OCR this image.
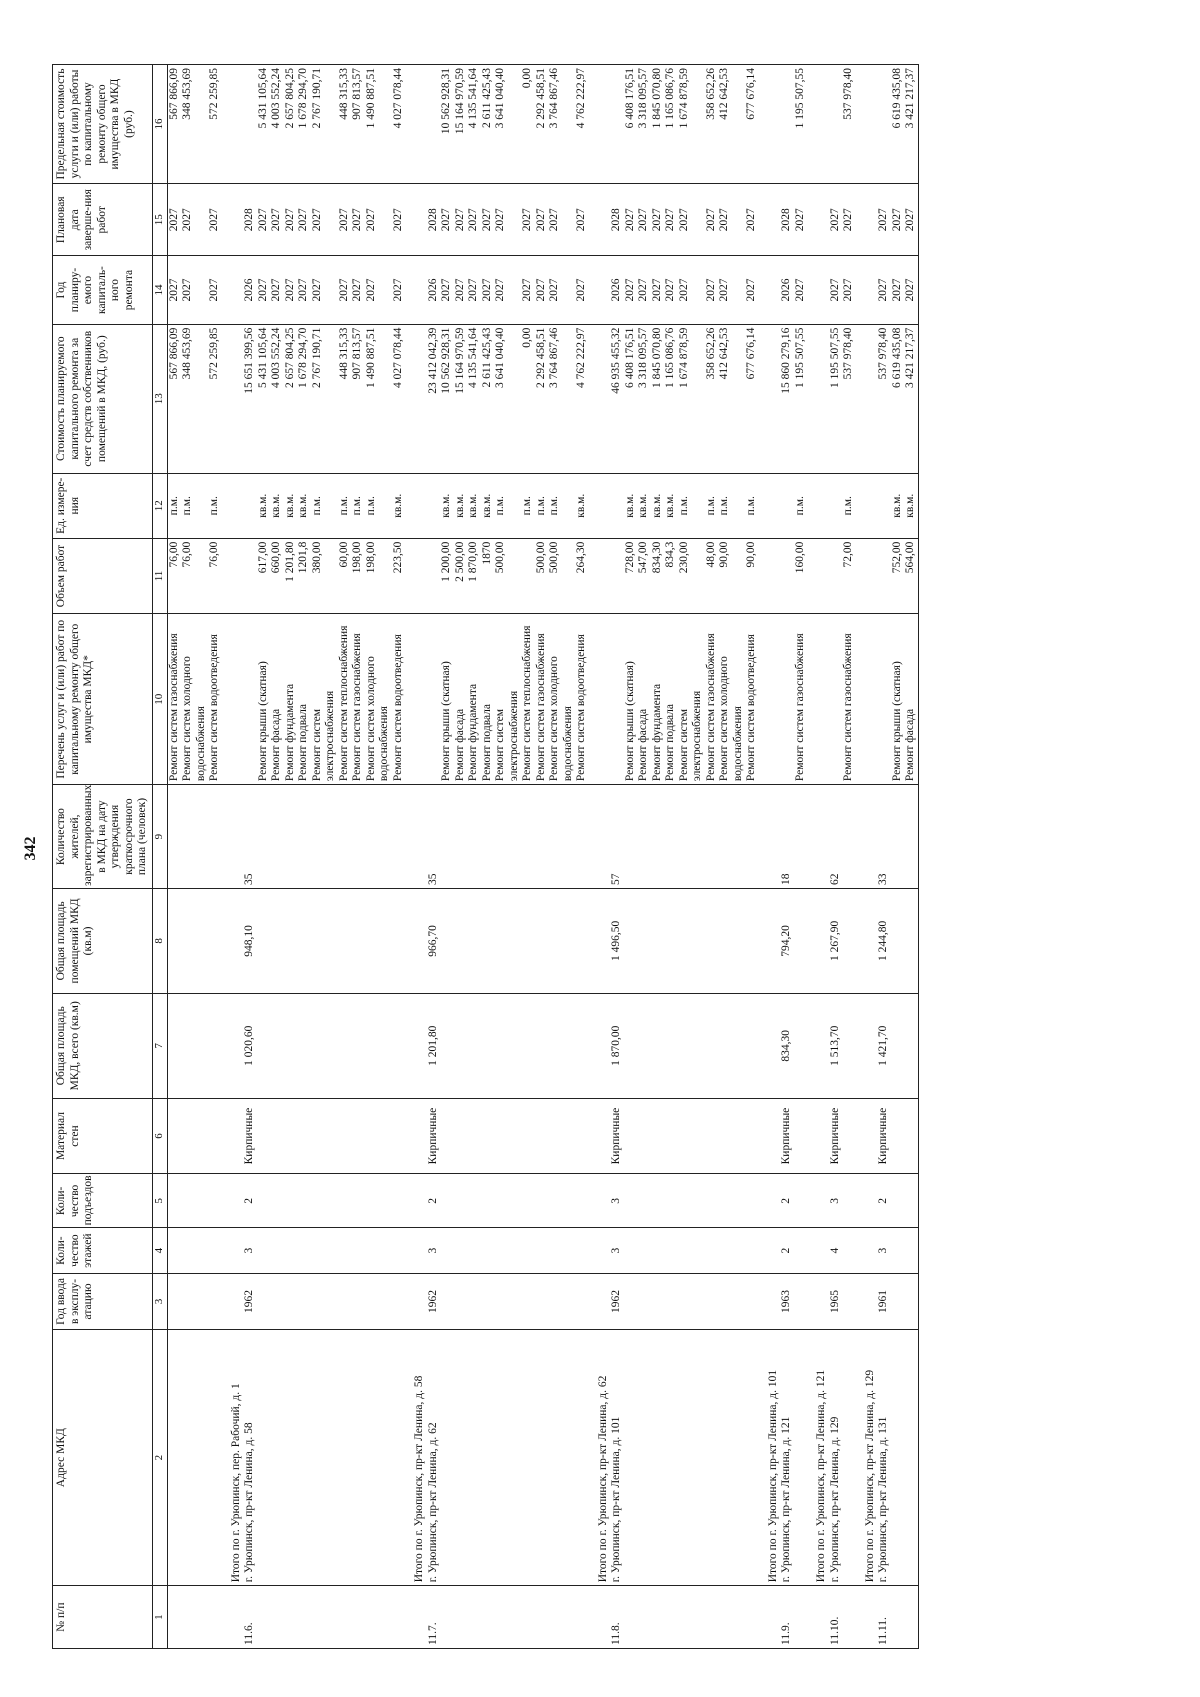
342
№ п/п	Адрес МКД	Год ввода в эксплу-атацию	Коли-чество этажей	Коли-чество подъездов	Материал стен	Общая площадь МКД, всего (кв.м)	Общая площадь помещений МКД (кв.м)	Количество жителей, зарегистрированных в МКД на дату утверждения краткосрочного плана (человек)	Перечень услуг и (или) работ по капитальному ремонту общего имущества МКД*	Объем работ	Ед. измере-ния	Стоимость планируемого капитального ремонта за счет средств собственников помещений в МКД, (руб.)	Год планиру-емого капиталь-ного ремонта	Плановая дата заверше-ния работ	Предельная стоимость услуги и (или) работы по капитальному ремонту общего имущества в МКД (руб.)
1	2	3	4	5	6	7	8	9	10	11	12	13	14	15	16
									Ремонт систем газоснабжения	76,00	п.м.	567 866,09	2027	2027	567 866,09
									Ремонт систем холодного водоснабжения	76,00	п.м.	348 453,69	2027	2027	348 453,69
									Ремонт систем водоотведения	76,00	п.м.	572 259,85	2027	2027	572 259,85
	Итого по г. Урюпинск, пер. Рабочий, д. 1														
11.6.	г. Урюпинск, пр-кт Ленина, д. 58	1962	3	2	Кирпичные	1 020,60	948,10	35				15 651 399,56	2026	2028	
									Ремонт крыши (скатная)	617,00	кв.м.	5 431 105,64	2027	2027	5 431 105,64
									Ремонт фасада	660,00	кв.м.	4 003 552,24	2027	2027	4 003 552,24
									Ремонт фундамента	1 201,80	кв.м.	2 657 804,25	2027	2027	2 657 804,25
									Ремонт подвала	1201,8	кв.м.	1 678 294,70	2027	2027	1 678 294,70
									Ремонт систем электроснабжения	380,00	п.м.	2 767 190,71	2027	2027	2 767 190,71
									Ремонт систем теплоснабжения	60,00	п.м.	448 315,33	2027	2027	448 315,33
									Ремонт систем газоснабжения	198,00	п.м.	907 813,57	2027	2027	907 813,57
									Ремонт систем холодного водоснабжения	198,00	п.м.	1 490 887,51	2027	2027	1 490 887,51
									Ремонт систем водоотведения	223,50	кв.м.	4 027 078,44	2027	2027	4 027 078,44
	Итого по г. Урюпинск, пр-кт Ленина, д. 58														
11.7.	г. Урюпинск, пр-кт Ленина, д. 62	1962	3	2	Кирпичные	1 201,80	966,70	35				23 412 042,39	2026	2028	
									Ремонт крыши (скатная)	1 200,00	кв.м.	10 562 928,31	2027	2027	10 562 928,31
									Ремонт фасада	2 500,00	кв.м.	15 164 970,59	2027	2027	15 164 970,59
									Ремонт фундамента	1 870,00	кв.м.	4 135 541,64	2027	2027	4 135 541,64
									Ремонт подвала	1870	кв.м.	2 611 425,43	2027	2027	2 611 425,43
									Ремонт систем электроснабжения	500,00	п.м.	3 641 040,40	2027	2027	3 641 040,40
									Ремонт систем теплоснабжения		п.м.	0,00	2027	2027	0,00
									Ремонт систем газоснабжения	500,00	п.м.	2 292 458,51	2027	2027	2 292 458,51
									Ремонт систем холодного водоснабжения	500,00	п.м.	3 764 867,46	2027	2027	3 764 867,46
									Ремонт систем водоотведения	264,30	кв.м.	4 762 222,97	2027	2027	4 762 222,97
	Итого по г. Урюпинск, пр-кт Ленина, д. 62														
11.8.	г. Урюпинск, пр-кт Ленина, д. 101	1962	3	3	Кирпичные	1 870,00	1 496,50	57				46 935 455,32	2026	2028	
									Ремонт крыши (скатная)	728,00	кв.м.	6 408 176,51	2027	2027	6 408 176,51
									Ремонт фасада	547,00	кв.м.	3 318 095,57	2027	2027	3 318 095,57
									Ремонт фундамента	834,30	кв.м.	1 845 070,80	2027	2027	1 845 070,80
									Ремонт подвала	834,3	кв.м.	1 165 086,76	2027	2027	1 165 086,76
									Ремонт систем электроснабжения	230,00	п.м.	1 674 878,59	2027	2027	1 674 878,59
									Ремонт систем газоснабжения	48,00	п.м.	358 652,26	2027	2027	358 652,26
									Ремонт систем холодного водоснабжения	90,00	п.м.	412 642,53	2027	2027	412 642,53
									Ремонт систем водоотведения	90,00	п.м.	677 676,14	2027	2027	677 676,14
	Итого по г. Урюпинск, пр-кт Ленина, д. 101														
11.9.	г. Урюпинск, пр-кт Ленина, д. 121	1963	2	2	Кирпичные	834,30	794,20	18				15 860 279,16	2026	2028	
									Ремонт систем газоснабжения	160,00	п.м.	1 195 507,55	2027	2027	1 195 507,55
	Итого по г. Урюпинск, пр-кт Ленина, д. 121														
11.10.	г. Урюпинск, пр-кт Ленина, д. 129	1965	4	3	Кирпичные	1 513,70	1 267,90	62				1 195 507,55	2027	2027	
									Ремонт систем газоснабжения	72,00	п.м.	537 978,40	2027	2027	537 978,40
	Итого по г. Урюпинск, пр-кт Ленина, д. 129														
11.11.	г. Урюпинск, пр-кт Ленина, д. 131	1961	3	2	Кирпичные	1 421,70	1 244,80	33				537 978,40	2027	2027	
									Ремонт крыши (скатная)	752,00	кв.м.	6 619 435,08	2027	2027	6 619 435,08
									Ремонт фасада	564,00	кв.м.	3 421 217,37	2027	2027	3 421 217,37
